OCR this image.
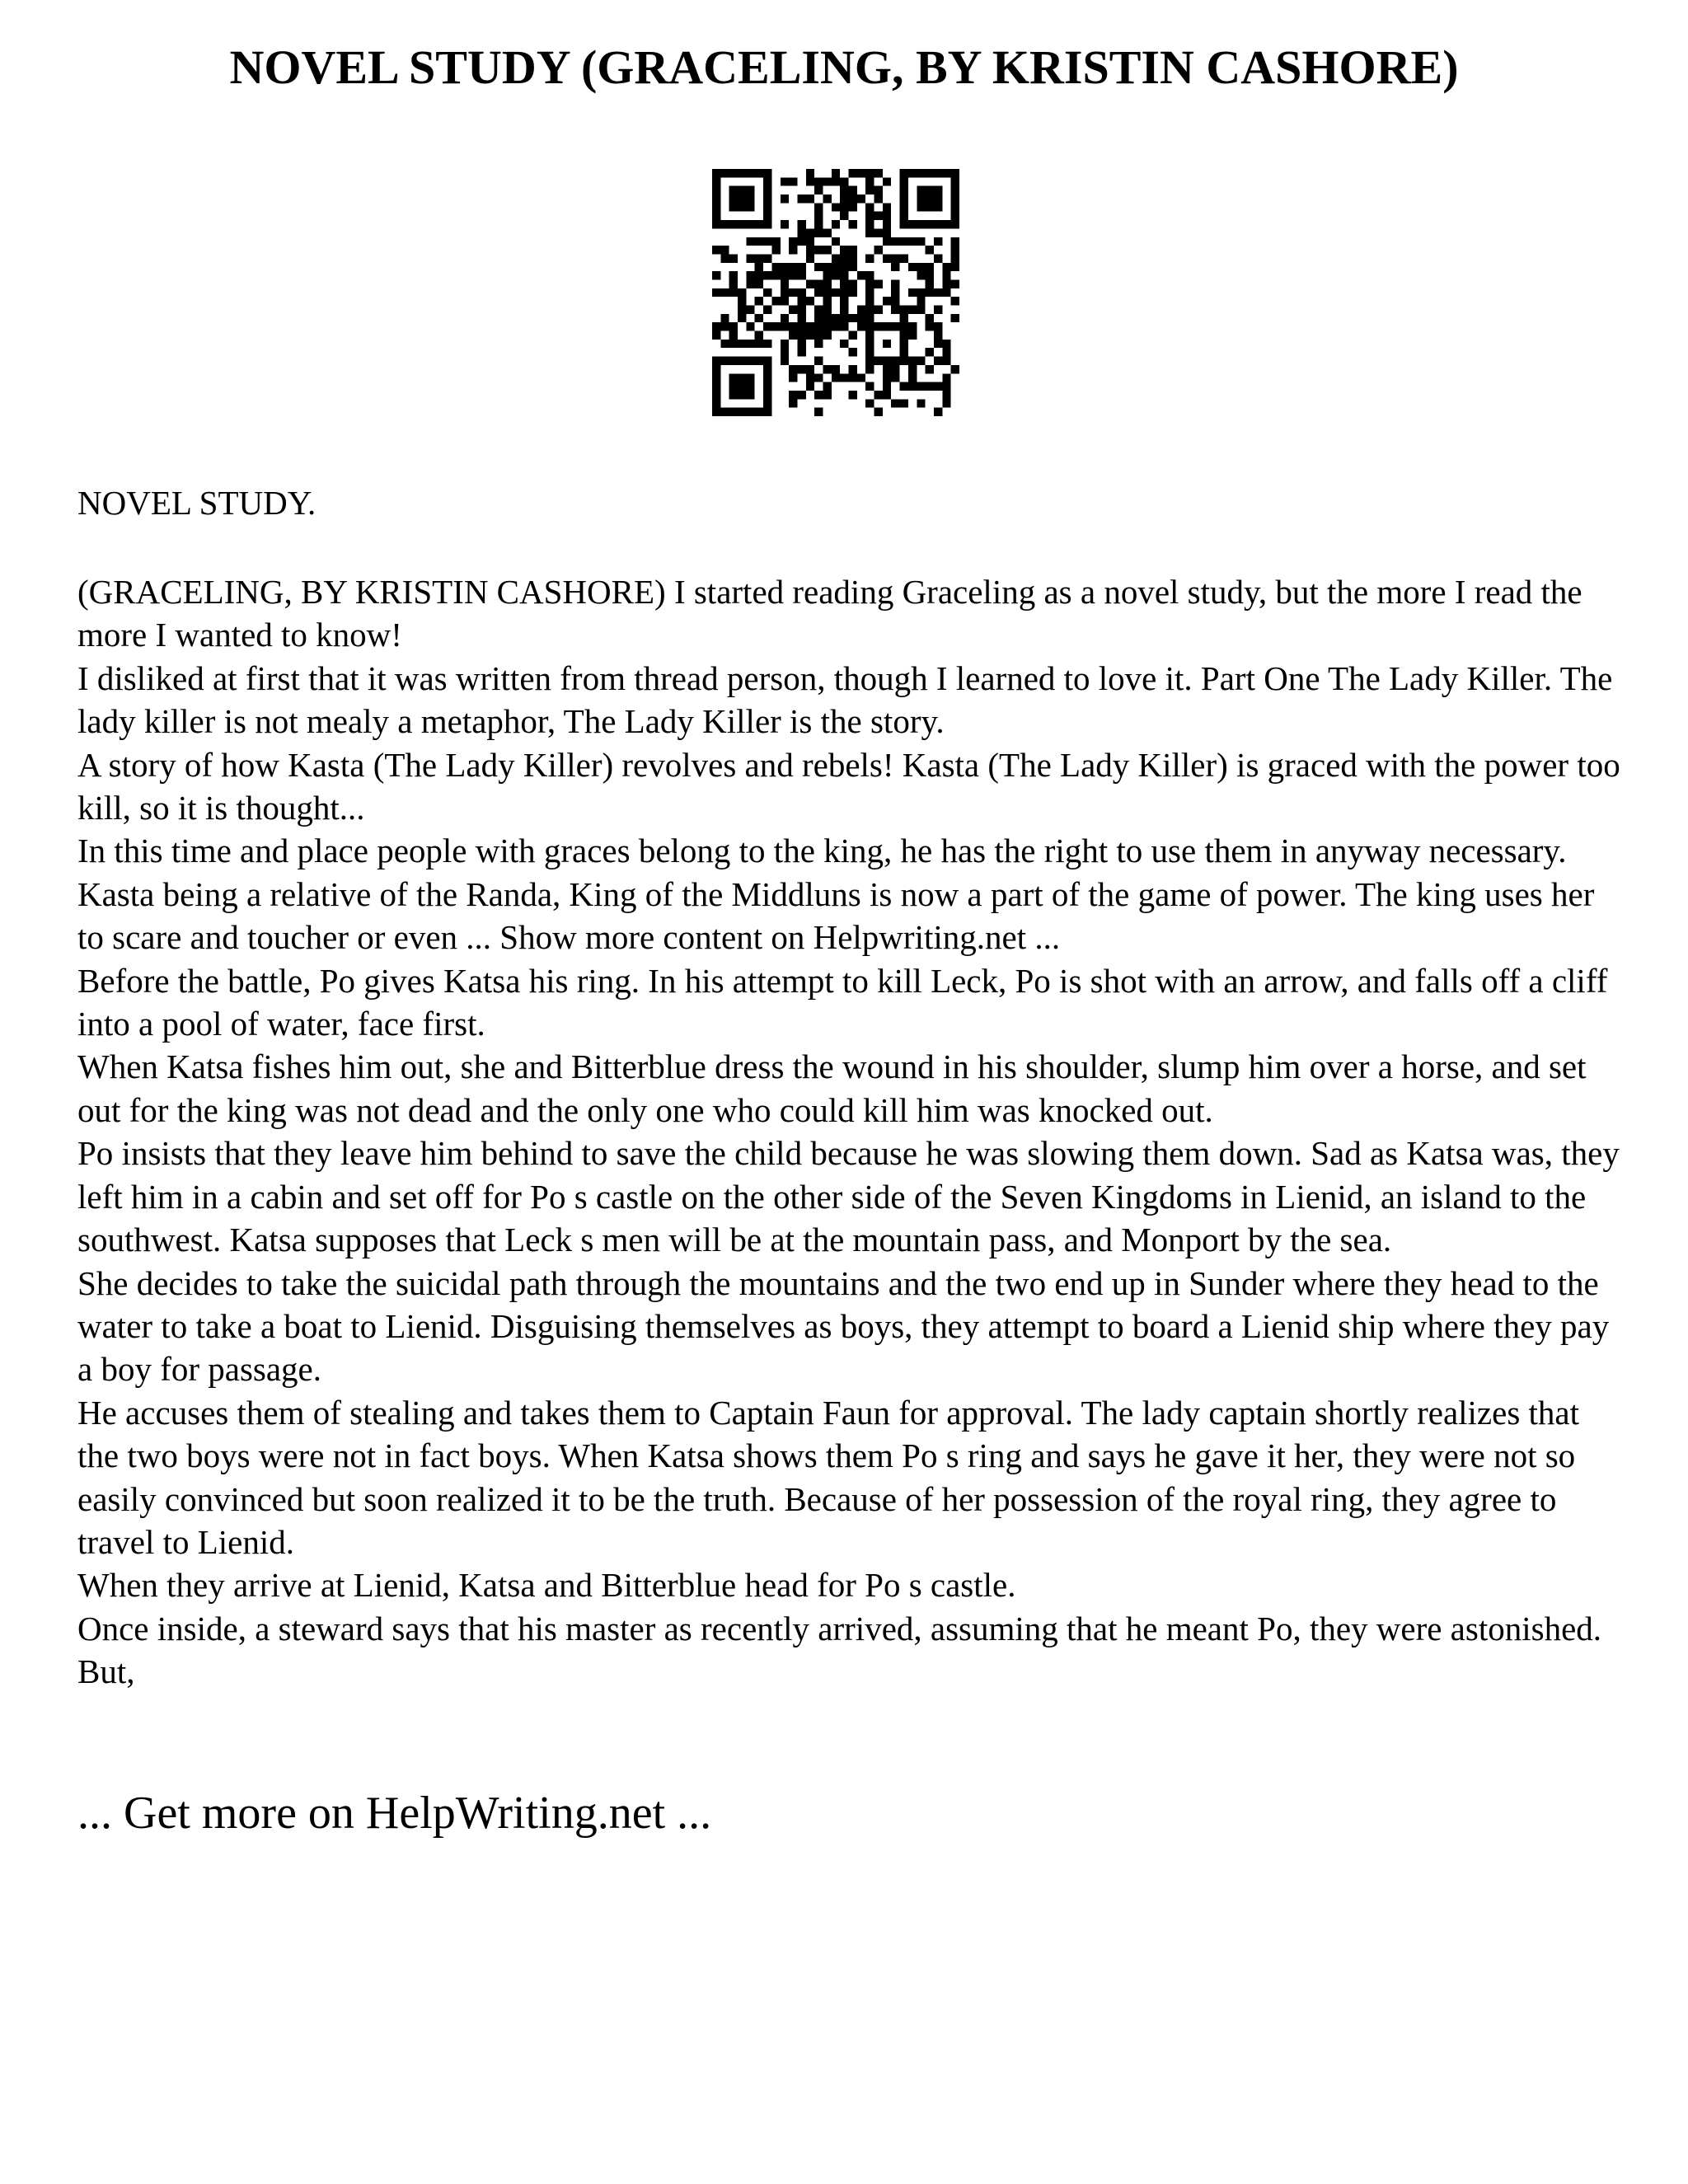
NOVEL STUDY (GRACELING, BY KRISTIN CASHORE)

NOVEL STUDY.

(GRACELING, BY KRISTIN CASHORE) I started reading Graceling as a novel study, but the more I read the more I wanted to know!

I disliked at first that it was written from thread person, though I learned to love it. Part One The Lady Killer. The lady killer is not mealy a metaphor, The Lady Killer is the story.

A story of how Kasta (The Lady Killer) revolves and rebels! Kasta (The Lady Killer) is graced with the power too kill, so it is thought...

In this time and place people with graces belong to the king, he has the right to use them in anyway necessary. Kasta being a relative of the Randa, King of the Middluns is now a part of the game of power. The king uses her to scare and toucher or even ... Show more content on Helpwriting.net ...

Before the battle, Po gives Katsa his ring. In his attempt to kill Leck, Po is shot with an arrow, and falls off a cliff into a pool of water, face first.

When Katsa fishes him out, she and Bitterblue dress the wound in his shoulder, slump him over a horse, and set out for the king was not dead and the only one who could kill him was knocked out.

Po insists that they leave him behind to save the child because he was slowing them down. Sad as Katsa was, they left him in a cabin and set off for Po s castle on the other side of the Seven Kingdoms in Lienid, an island to the southwest. Katsa supposes that Leck s men will be at the mountain pass, and Monport by the sea.

She decides to take the suicidal path through the mountains and the two end up in Sunder where they head to the water to take a boat to Lienid. Disguising themselves as boys, they attempt to board a Lienid ship where they pay a boy for passage.

He accuses them of stealing and takes them to Captain Faun for approval. The lady captain shortly realizes that the two boys were not in fact boys. When Katsa shows them Po s ring and says he gave it her, they were not so easily convinced but soon realized it to be the truth. Because of her possession of the royal ring, they agree to travel to Lienid.

When they arrive at Lienid, Katsa and Bitterblue head for Po s castle.

Once inside, a steward says that his master as recently arrived, assuming that he meant Po, they were astonished. But,

... Get more on HelpWriting.net ...
